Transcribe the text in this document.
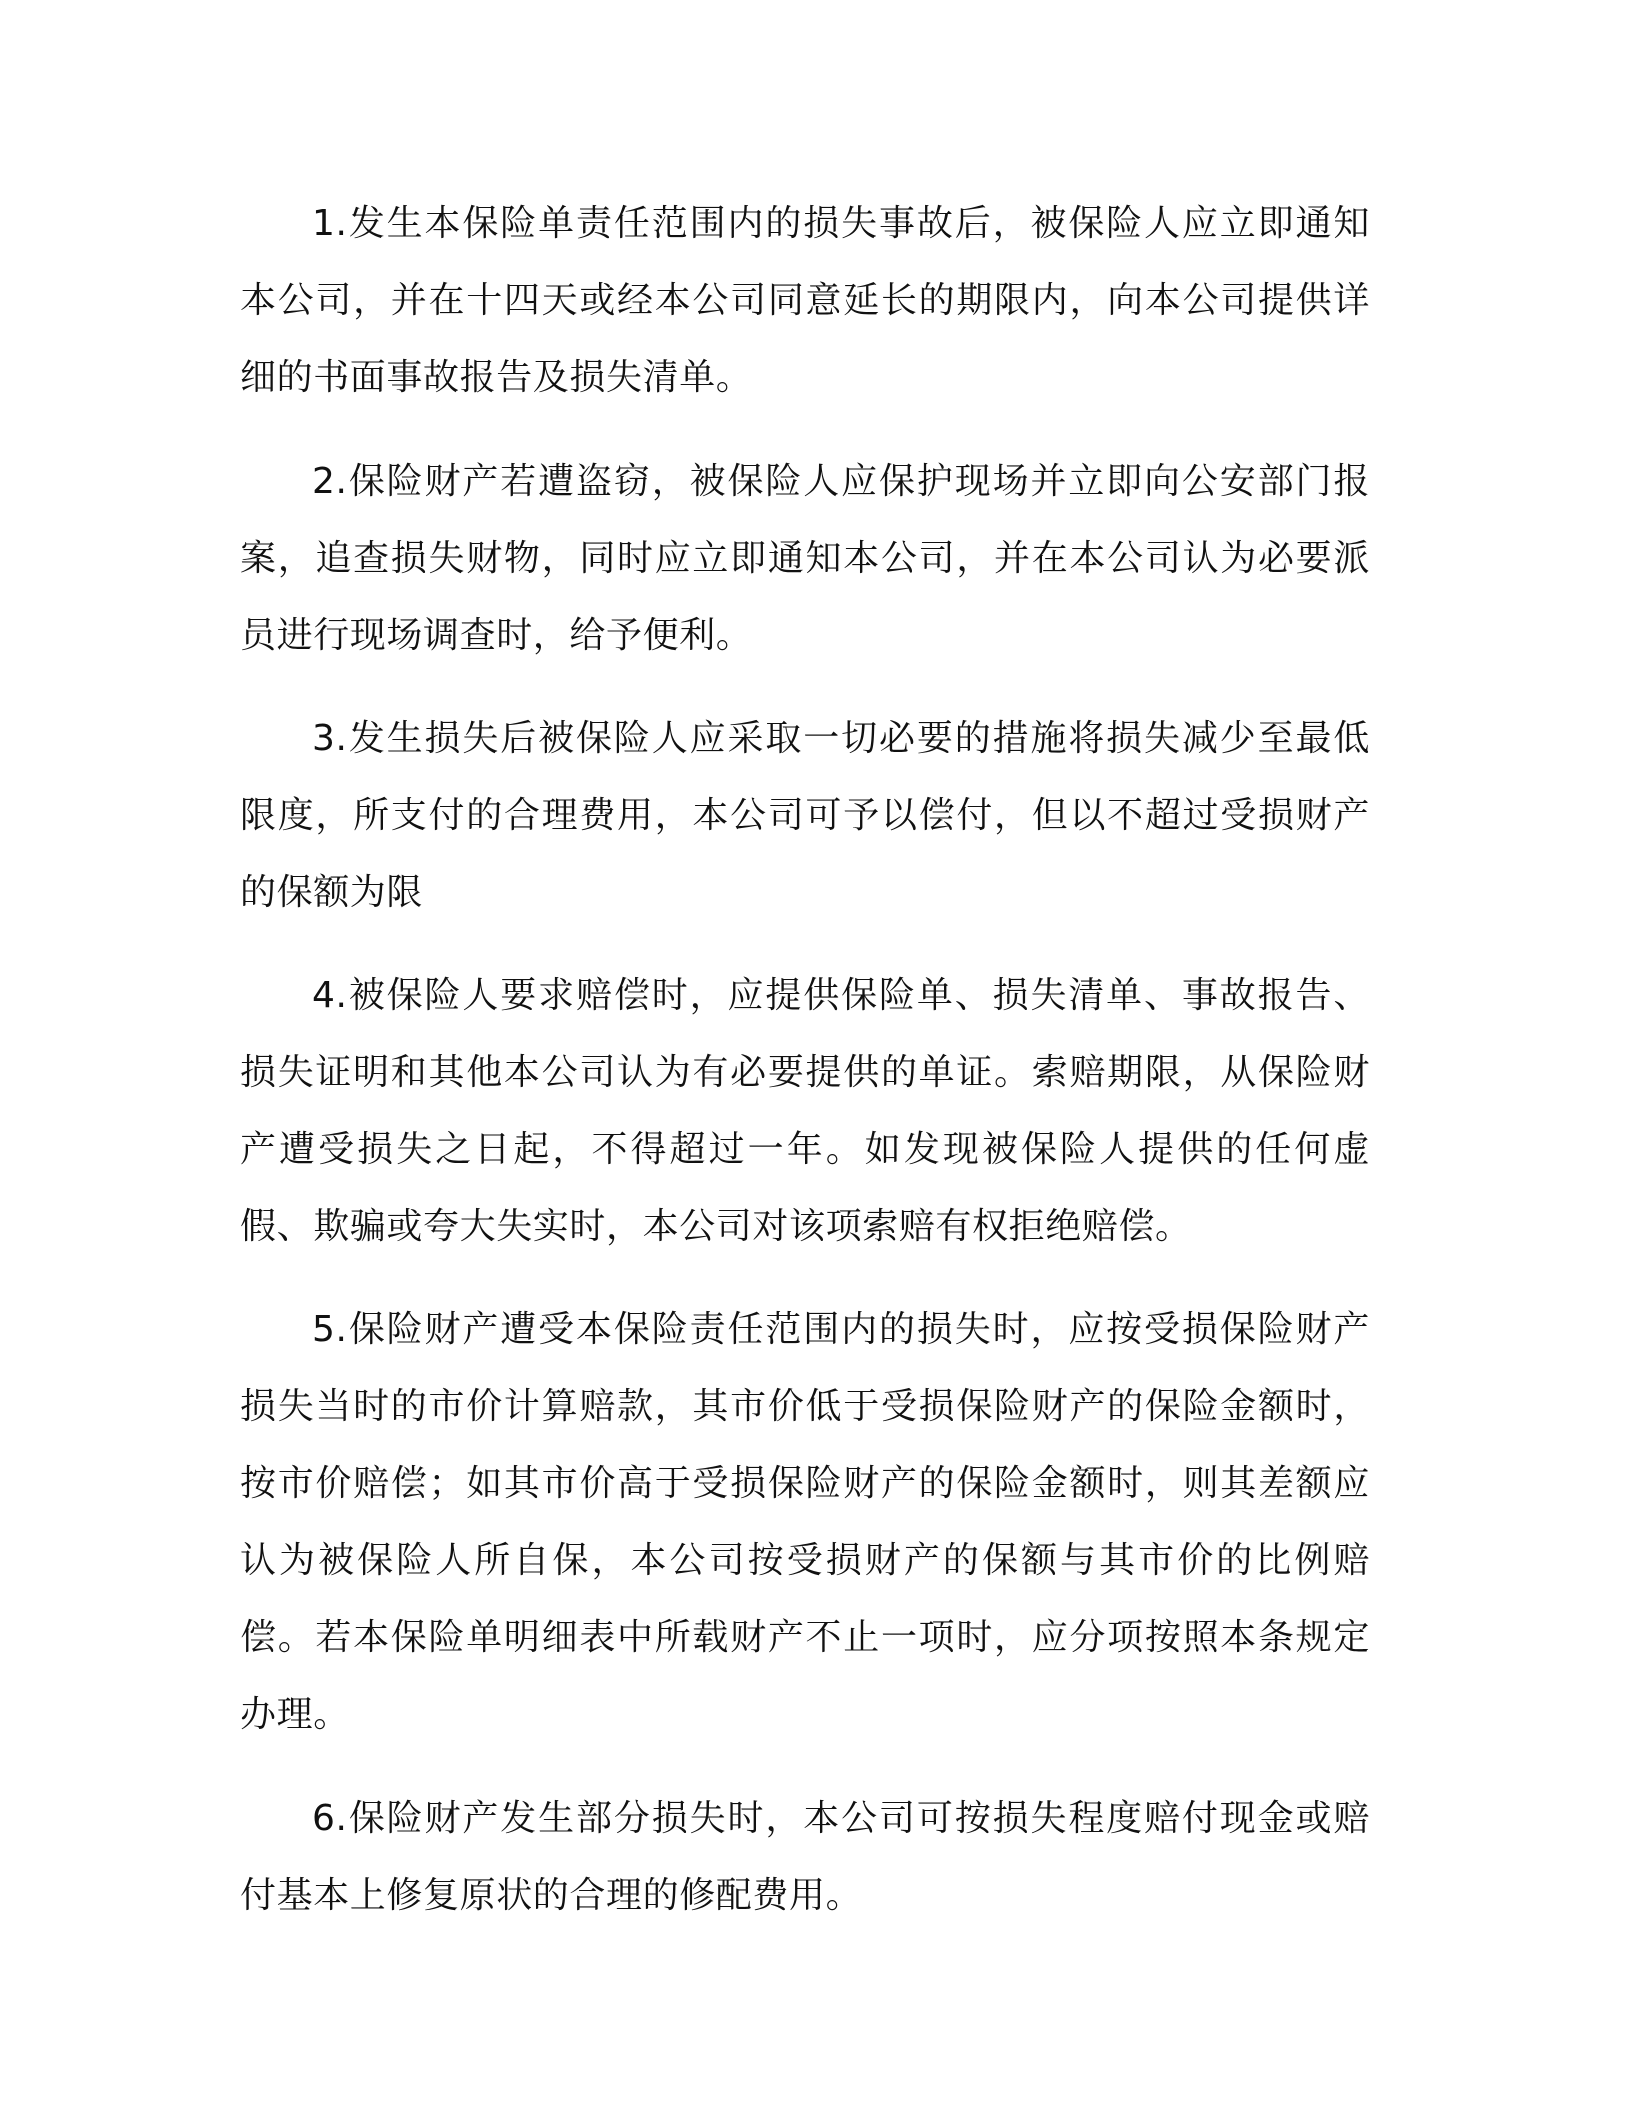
1.发生本保险单责任范围内的损失事故后，被保险人应立即通知本公司，并在十四天或经本公司同意延长的期限内，向本公司提供详细的书面事故报告及损失清单。

2.保险财产若遭盗窃，被保险人应保护现场并立即向公安部门报案，追查损失财物，同时应立即通知本公司，并在本公司认为必要派员进行现场调查时，给予便利。

3.发生损失后被保险人应采取一切必要的措施将损失减少至最低限度，所支付的合理费用，本公司可予以偿付，但以不超过受损财产的保额为限

4.被保险人要求赔偿时，应提供保险单、损失清单、事故报告、损失证明和其他本公司认为有必要提供的单证。索赔期限，从保险财产遭受损失之日起，不得超过一年。如发现被保险人提供的任何虚假、欺骗或夸大失实时，本公司对该项索赔有权拒绝赔偿。

5.保险财产遭受本保险责任范围内的损失时，应按受损保险财产损失当时的市价计算赔款，其市价低于受损保险财产的保险金额时，按市价赔偿；如其市价高于受损保险财产的保险金额时，则其差额应认为被保险人所自保，本公司按受损财产的保额与其市价的比例赔偿。若本保险单明细表中所载财产不止一项时，应分项按照本条规定办理。

6.保险财产发生部分损失时，本公司可按损失程度赔付现金或赔付基本上修复原状的合理的修配费用。
